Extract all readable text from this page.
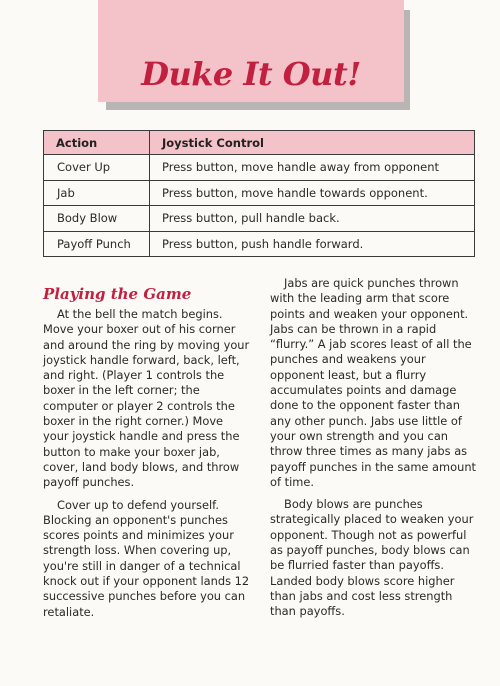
Duke It Out!
Action	Joystick Control
Cover Up	Press button, move handle away from opponent
Jab	Press button, move handle towards opponent.
Body Blow	Press button, pull handle back.
Payoff Punch	Press button, push handle forward.
Playing the Game

At the bell the match begins. Move your boxer out of his corner and around the ring by moving your joystick handle forward, back, left, and right. (Player 1 controls the boxer in the left corner; the computer or player 2 controls the boxer in the right corner.) Move your joystick handle and press the button to make your boxer jab, cover, land body blows, and throw payoff punches.

Cover up to defend yourself. Blocking an opponent's punches scores points and minimizes your strength loss. When covering up, you're still in danger of a technical knock out if your opponent lands 12 successive punches before you can retaliate.

Jabs are quick punches thrown with the leading arm that score points and weaken your opponent. Jabs can be thrown in a rapid “flurry.” A jab scores least of all the punches and weakens your opponent least, but a flurry accumulates points and damage done to the opponent faster than any other punch. Jabs use little of your own strength and you can throw three times as many jabs as payoff punches in the same amount of time.

Body blows are punches strategically placed to weaken your opponent. Though not as powerful as payoff punches, body blows can be flurried faster than payoffs. Landed body blows score higher than jabs and cost less strength than payoffs.
